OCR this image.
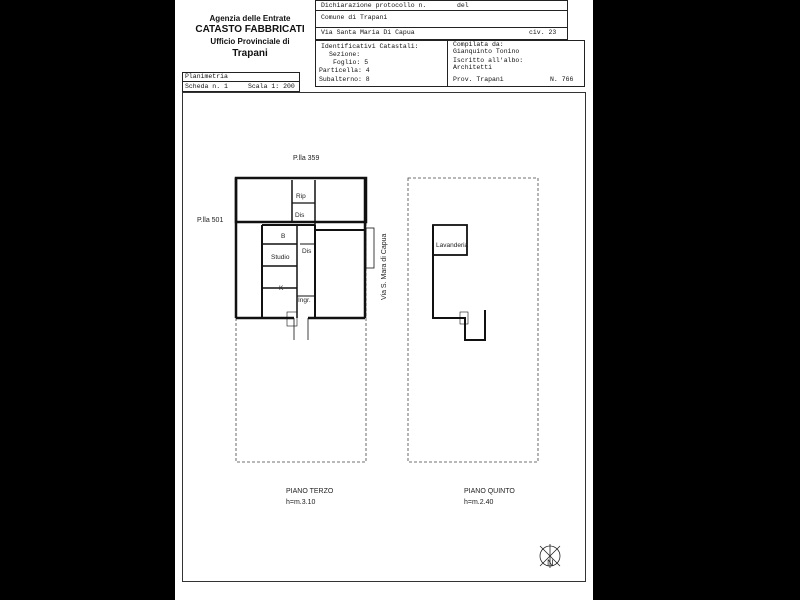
Agenzia delle Entrate
CATASTO FABBRICATI
Ufficio Provinciale di
Trapani
Dichiarazione protocollo n.	del
Comune di Trapani
Via Santa Maria Di Capua	civ. 23
Identificativi Catastali:
Sezione:
Foglio: 5
Particella: 4
Subalterno: 8
Compilata da:
Gianquinto Tonino
Iscritto all'albo:
Architetti
Prov. Trapani	N. 766
Planimetria
Scheda n. 1	Scala 1: 200
P.lla 359
P.lla 501
Rip
Dis
B
Dis
Studio
K
Ingr.
Lavanderia
Via S. Mara di Capua
PIANO TERZO
h=m.3.10
PIANO QUINTO
h=m.2.40
N
